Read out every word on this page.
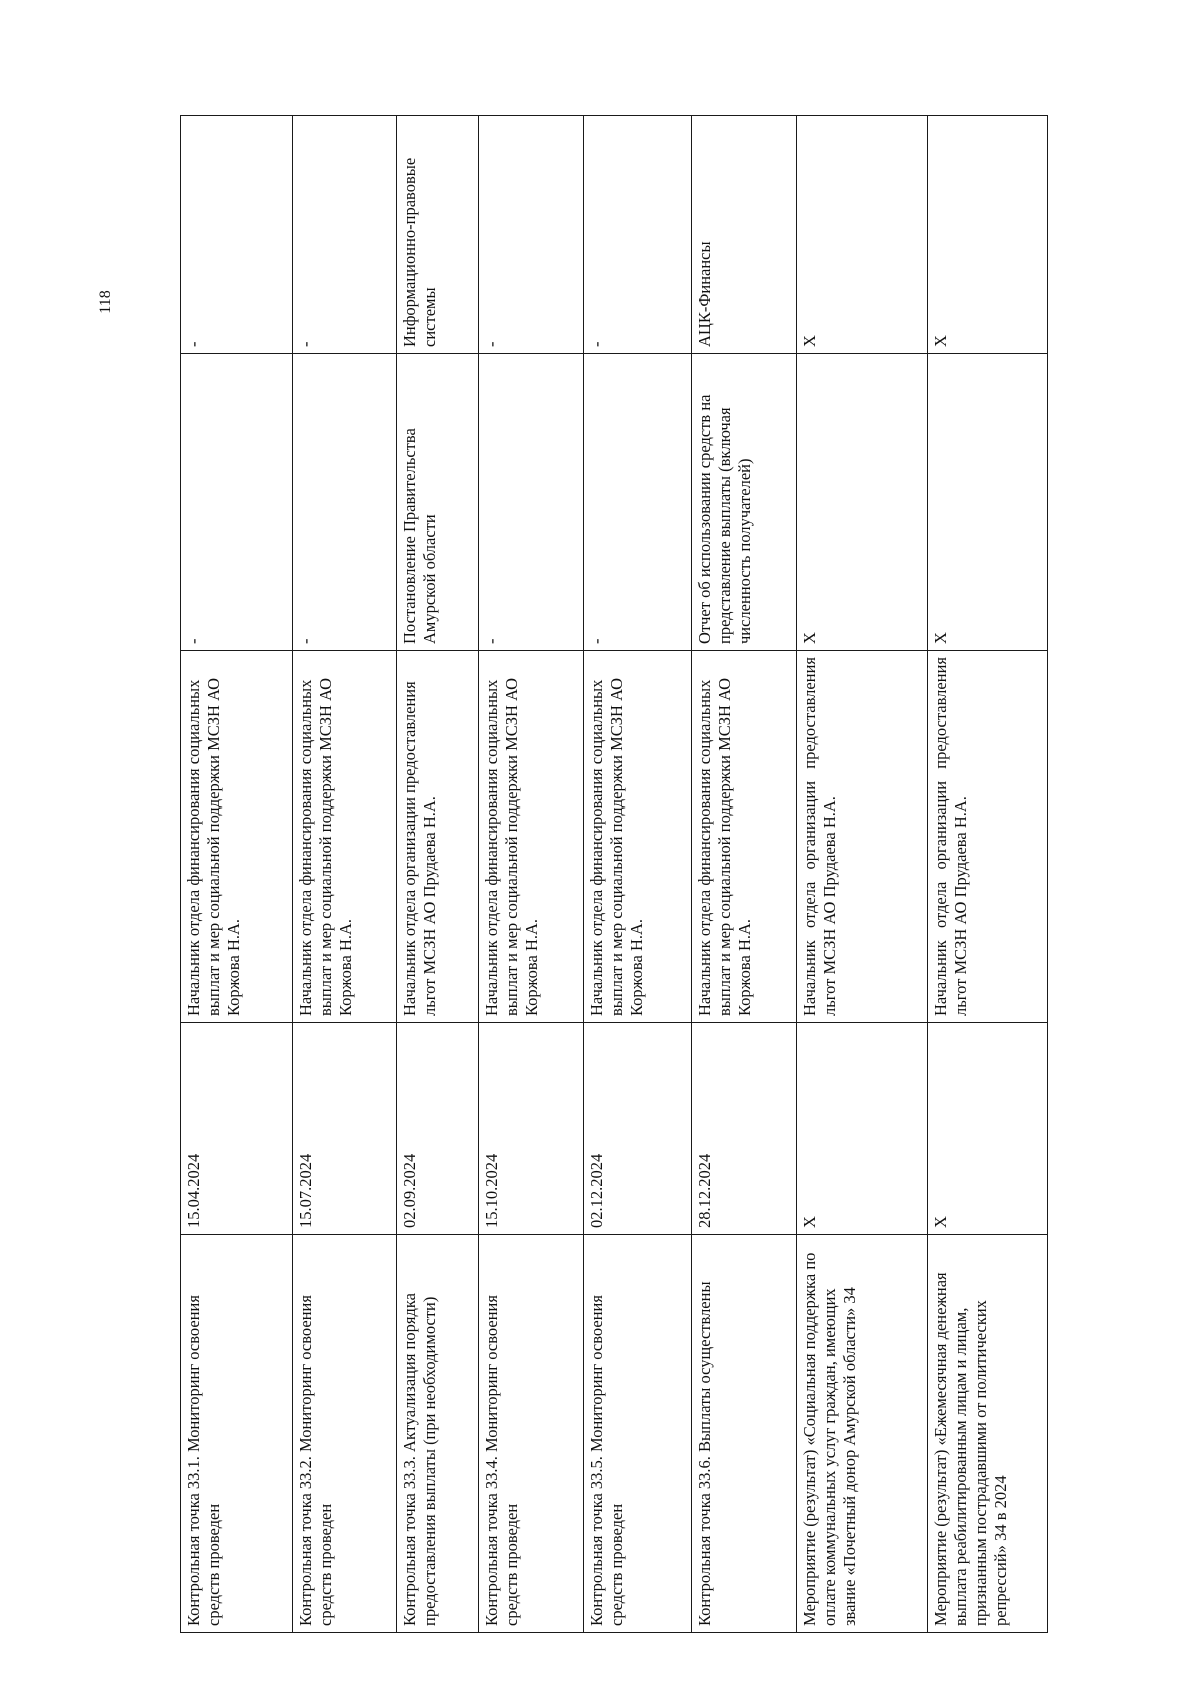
118
Контрольная точка 33.1. Мониторинг освоения средств проведен	15.04.2024	Начальник отдела финансирования социальных выплат и мер социальной поддержки МСЗН АО Коржова Н.А.	-	-
Контрольная точка 33.2. Мониторинг освоения средств проведен	15.07.2024	Начальник отдела финансирования социальных выплат и мер социальной поддержки МСЗН АО Коржова Н.А.	-	-
Контрольная точка 33.3. Актуализация порядка предоставления выплаты (при необходимости)	02.09.2024	Начальник отдела организации предоставления льгот МСЗН АО Прудаева Н.А.	Постановление Правительства Амурской области	Информационно-правовые системы
Контрольная точка 33.4. Мониторинг освоения средств проведен	15.10.2024	Начальник отдела финансирования социальных выплат и мер социальной поддержки МСЗН АО Коржова Н.А.	-	-
Контрольная точка 33.5. Мониторинг освоения средств проведен	02.12.2024	Начальник отдела финансирования социальных выплат и мер социальной поддержки МСЗН АО Коржова Н.А.	-	-
Контрольная точка 33.6. Выплаты осуществлены	28.12.2024	Начальник отдела финансирования социальных выплат и мер социальной поддержки МСЗН АО Коржова Н.А.	Отчет об использовании средств на представление выплаты (включая численность получателей)	АЦК-Финансы
Мероприятие (результат) «Социальная поддержка по оплате коммунальных услуг граждан, имеющих звание «Почетный донор Амурской области» 34	Х	Начальник отдела организации предоставления льгот МСЗН АО Прудаева Н.А.	Х	Х
Мероприятие (результат) «Ежемесячная денежная выплата реабилитированным лицам и лицам, признанным пострадавшими от политических репрессий» 34 в 2024	Х	Начальник отдела организации предоставления льгот МСЗН АО Прудаева Н.А.	Х	Х
